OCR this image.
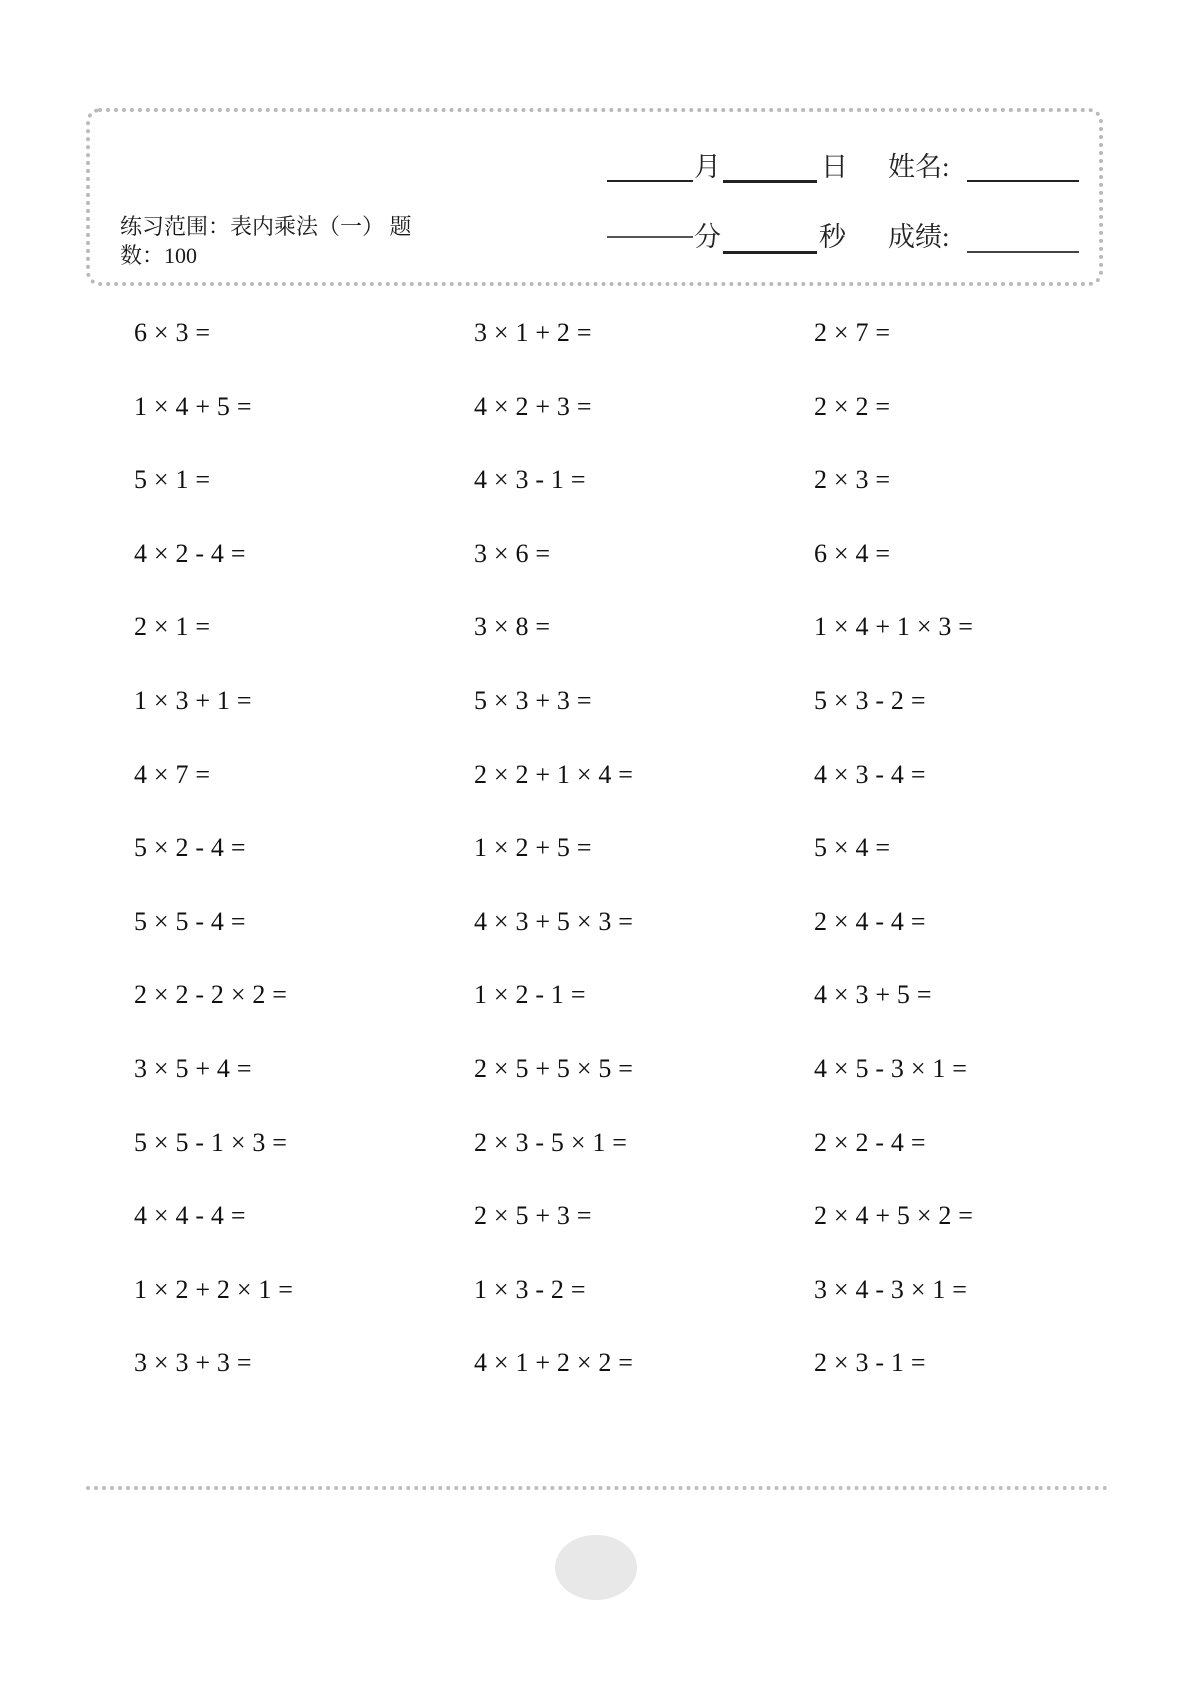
练习范围：表内乘法（一） 题
数：100
月	日 姓名:
分	秒 成绩:
6 × 3 =	3 × 1 + 2 =	2 × 7 =
1 × 4 + 5 =	4 × 2 + 3 =	2 × 2 =
5 × 1 =	4 × 3 - 1 =	2 × 3 =
4 × 2 - 4 =	3 × 6 =	6 × 4 =
2 × 1 =	3 × 8 =	1 × 4 + 1 × 3 =
1 × 3 + 1 =	5 × 3 + 3 =	5 × 3 - 2 =
4 × 7 =	2 × 2 + 1 × 4 =	4 × 3 - 4 =
5 × 2 - 4 =	1 × 2 + 5 =	5 × 4 =
5 × 5 - 4 =	4 × 3 + 5 × 3 =	2 × 4 - 4 =
2 × 2 - 2 × 2 =	1 × 2 - 1 =	4 × 3 + 5 =
3 × 5 + 4 =	2 × 5 + 5 × 5 =	4 × 5 - 3 × 1 =
5 × 5 - 1 × 3 =	2 × 3 - 5 × 1 =	2 × 2 - 4 =
4 × 4 - 4 =	2 × 5 + 3 =	2 × 4 + 5 × 2 =
1 × 2 + 2 × 1 =	1 × 3 - 2 =	3 × 4 - 3 × 1 =
3 × 3 + 3 =	4 × 1 + 2 × 2 =	2 × 3 - 1 =
